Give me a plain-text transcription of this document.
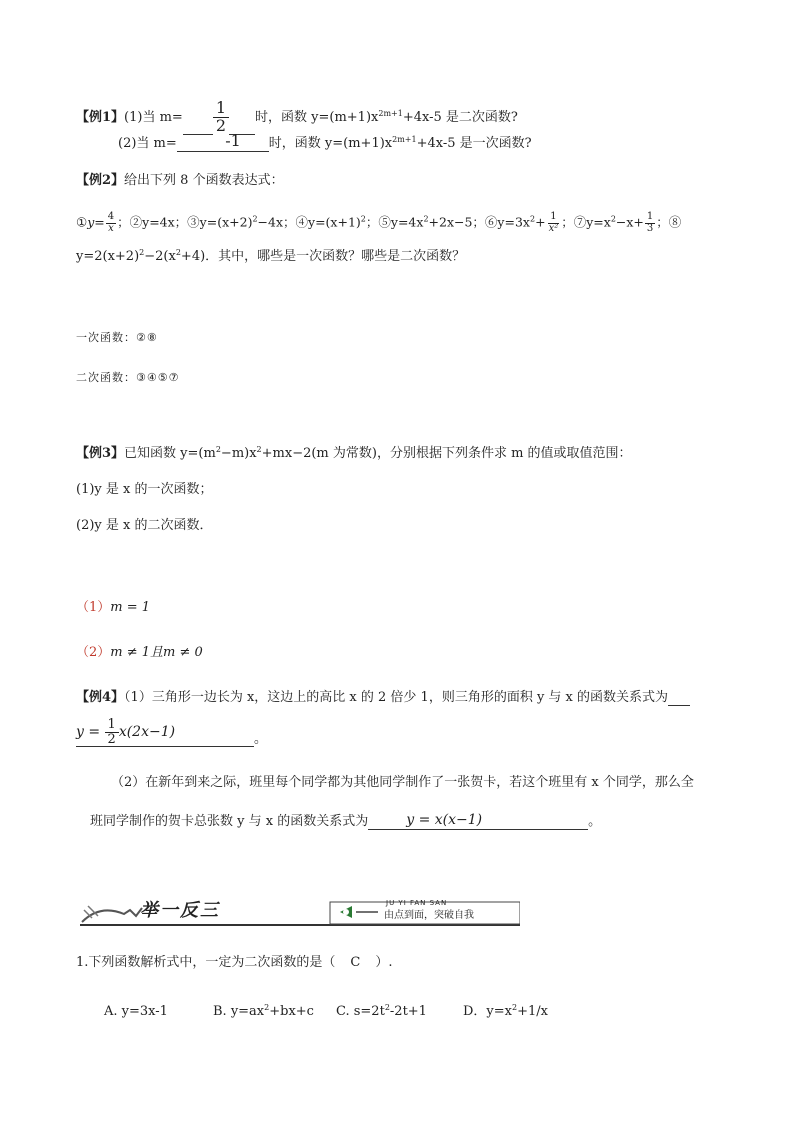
【例1】(1)当 $m= \frac{1}{2}$ 时，函数 $y=(m+1)x^{2m+1}+4x-5$ 是二次函数?
(2)当 m=	-1 时，函数 $y=(m+1)x^{2m+1}+4x-5$ 是一次函数?
【例2】给出下列 8 个函数表达式：
①y= $\frac{4}{x}$ ；②y=4x；$③y=(x+2)^2-4x$；$④y=(x+1)^2$；$⑤y=4x^2+2x-5$；$⑥y=3x^2+ \frac{1}{\text{x²}}$ ；$⑦y=x^2-x+ \frac{1}{3}$ ；⑧
$y=2(x+2)^2-2(x^2+4)$．其中，哪些是一次函数？哪些是二次函数？
一次函数：②⑧
二次函数：③④⑤⑦
【例3】已知函数 $y=(m^2-m)x^2+mx-2(m$ 为常数)，分别根据下列条件求 m 的值或取值范围：
(1)y 是 x 的一次函数；
(2)y 是 x 的二次函数．
（1）m = 1
（2）m ≠ 1且m ≠ 0
【例4】（1）三角形一边长为 x，这边上的高比 x 的 2 倍少 1，则三角形的面积 y 与 x 的函数关系式为
$y = \frac{1}{2} x(2x-1)$	。
（2）在新年到来之际，班里每个同学都为其他同学制作了一张贺卡，若这个班里有 x 个同学，那么全
班同学制作的贺卡总张数 y 与 x 的函数关系式为	y = x(x−1)	。
举一反三	JU YI FAN SAN
由点到面，突破自我
1.下列函数解析式中，一定为二次函数的是（ C ）.
A. y=3x-1	B. $y=ax^2+bx+c$ C. $s=2t^2-2t+1$	D．$y=x^2+1/x$
